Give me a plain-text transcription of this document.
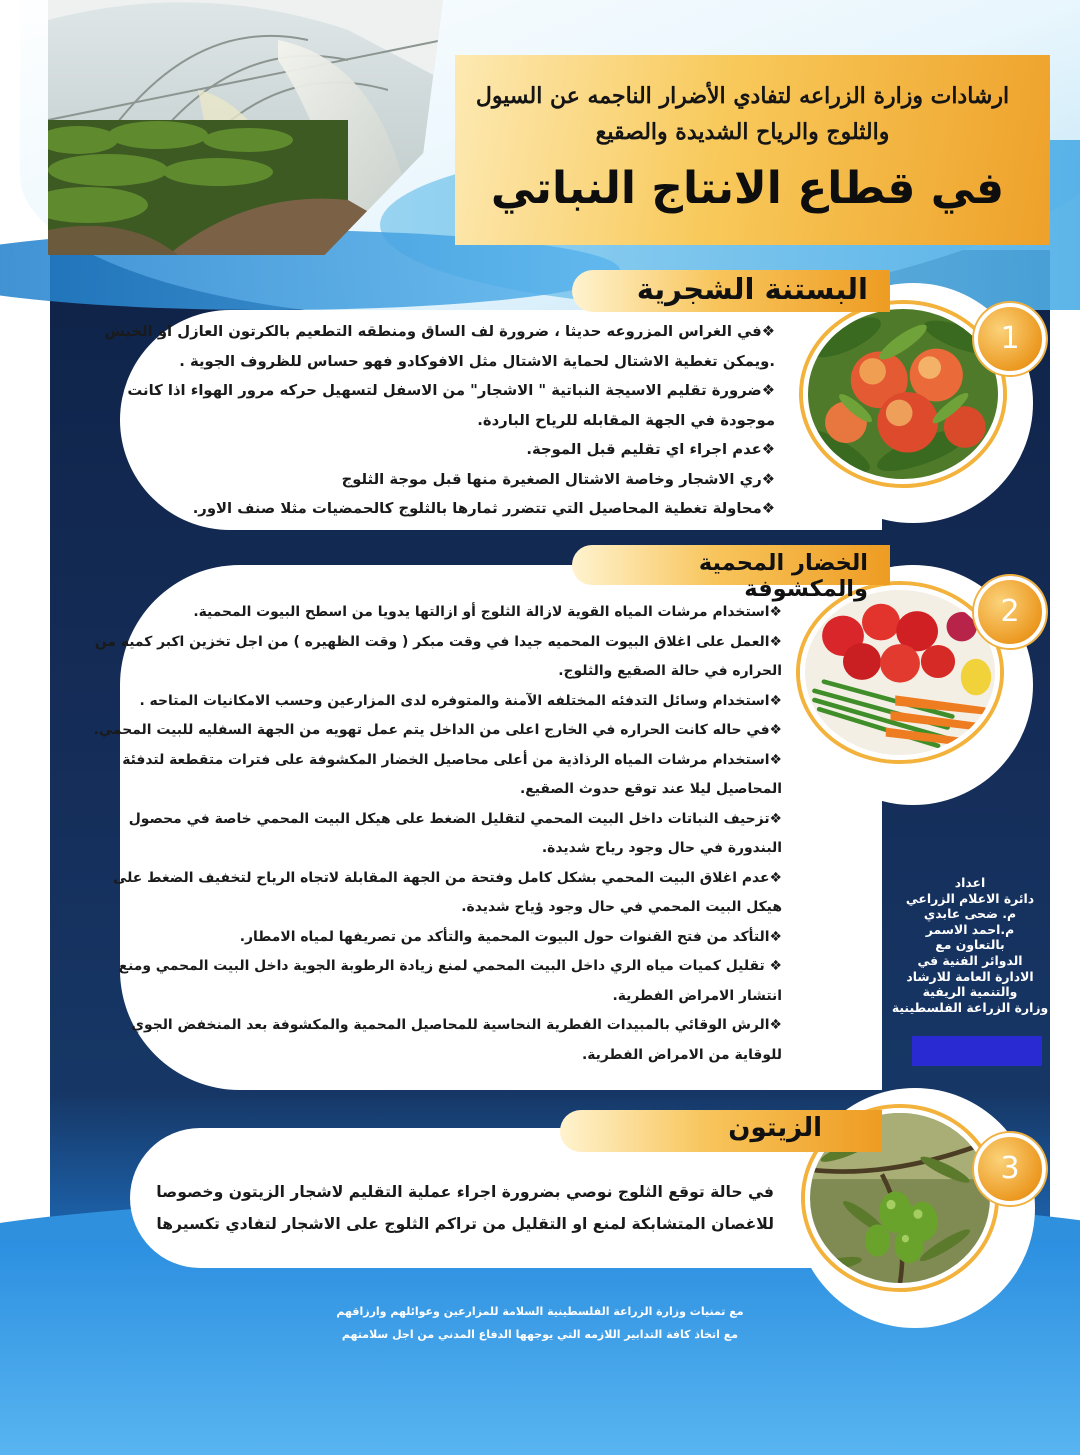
ارشادات وزارة الزراعه لتفادي الأضرار الناجمه عن السيول
والثلوج والرياح الشديدة والصقيع
في قطاع الانتاج النباتي
1
البستنة الشجرية
❖في الغراس المزروعه حديثا ، ضرورة لف الساق ومنطقه التطعيم بالكرتون العازل او الخيش
.ويمكن تغطية الاشتال لحماية الاشتال مثل الافوكادو فهو حساس للظروف الجوية .
❖ضرورة تقليم الاسيجة النباتية " الاشجار" من الاسفل لتسهيل حركه مرور الهواء اذا كانت
موجودة في الجهة المقابله للرياح الباردة.
❖عدم اجراء اي تقليم قبل الموجة.
❖ري الاشجار وخاصة الاشتال الصغيرة منها قبل موجة الثلوج
❖محاولة تغطية المحاصيل التي تتضرر ثمارها بالثلوج كالحمضيات مثلا صنف الاور.
2
الخضار المحمية والمكشوفة
❖استخدام مرشات المياه القوية لازالة الثلوج أو ازالتها يدويا من اسطح البيوت المحمية.
❖العمل على اغلاق البيوت المحميه جيدا في وقت مبكر ( وقت الظهيره ) من اجل تخزين اكبر كميه من
الحراره في حالة الصقيع والثلوج.
❖استخدام وسائل التدفئه المختلفه الآمنة والمتوفره لدى المزارعين وحسب الامكانيات المتاحه .
❖في حاله كانت الحراره في الخارج اعلى من الداخل يتم عمل تهويه من الجهة السفليه للبيت المحمي.
❖استخدام مرشات المياه الرذاذية من أعلى محاصيل الخضار المكشوفة على فترات متقطعة لتدفئة
المحاصيل ليلا عند توقع حدوث الصقيع.
❖تزحيف النباتات داخل البيت المحمي لتقليل الضغط على هيكل البيت المحمي خاصة في محصول
البندورة في حال وجود رياح شديدة.
❖عدم اغلاق البيت المحمي بشكل كامل وفتحة من الجهة المقابلة لاتجاه الرياح لتخفيف الضغط على
هيكل البيت المحمي في حال وجود ؤياح شديدة.
❖التأكد من فتح القنوات حول البيوت المحمية والتأكد من تصريفها لمياه الامطار.
❖ تقليل كميات مياه الري داخل البيت المحمي لمنع زيادة الرطوبة الجوية داخل البيت المحمي ومنع
انتشار الامراض الفطرية.
❖الرش الوقائي بالمبيدات الفطرية النحاسية للمحاصيل المحمية والمكشوفة بعد المنخفض الجوي
للوقاية من الامراض الفطرية.
اعداد
دائرة الاعلام الزراعي
م. ضحى عابدي
م.احمد الاسمر
بالتعاون مع
الدوائر الفنية في
الادارة العامة للارشاد
والتنمية الريفية
وزارة الزراعة الفلسطينية
3
الزيتون
في حالة توقع الثلوج نوصي بضرورة اجراء عملية التقليم لاشجار الزيتون وخصوصا
للاغصان المتشابكة لمنع او التقليل من تراكم الثلوج على الاشجار لتفادي تكسيرها
مع تمنيات وزارة الزراعة الفلسطينية السلامة للمزارعين وعوائلهم وارزاقهم
مع اتخاذ كافة التدابير اللازمه التي يوجهها الدفاع المدني من اجل سلامتهم
